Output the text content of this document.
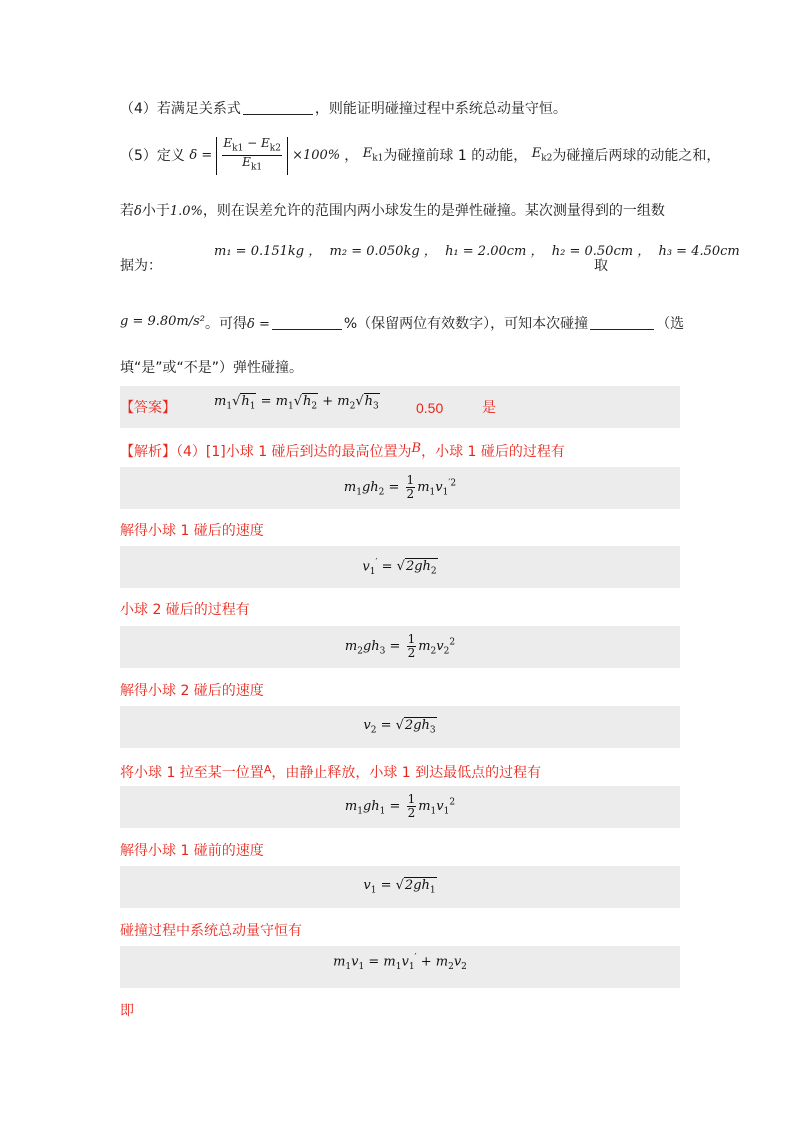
（4）若满足关系式	，则能证明碰撞过程中系统总动量守恒。
（5）定义 $\delta = \frac{E_{k1} - E_{k2}}{E_{k1}} \times 100\%$ ， $E_{k1}$为碰撞前球 1 的动能， $E_{k2}$为碰撞后两球的动能之和，
若δ小于1.0%，则在误差允许的范围内两小球发生的是弹性碰撞。某次测量得到的一组数
m₁ = 0.151kg ，  m₂ = 0.050kg ，  h₁ = 2.00cm ，  h₂ = 0.50cm ，  h₃ = 4.50cm
据为：	取
g = 9.80m/s²。可得δ =	%（保留两位有效数字），可知本次碰撞	（选
填“是”或“不是”）弹性碰撞。
【答案】	$m_1√h_1 = m_1√h_2 + m_2√h_3$	0.50	是
【解析】（4）[1]小球 1 碰后到达的最高位置为B，小球 1 碰后的过程有
$m_1gh_2 = \frac{1}{2} m_1v_1^{'2}$
解得小球 1 碰后的速度
$v_1' = √2gh_2$
小球 2 碰后的过程有
$m_2gh_3 = \frac{1}{2} m_2v_2^2$
解得小球 2 碰后的速度
$v_2 = √2gh_3$
将小球 1 拉至某一位置$^A$，由静止释放，小球 1 到达最低点的过程有
$m_1gh_1 = \frac{1}{2} m_1v_1^2$
解得小球 1 碰前的速度
$v_1 = √2gh_1$
碰撞过程中系统总动量守恒有
$m_1v_1 = m_1v_1' + m_2v_2$
即
